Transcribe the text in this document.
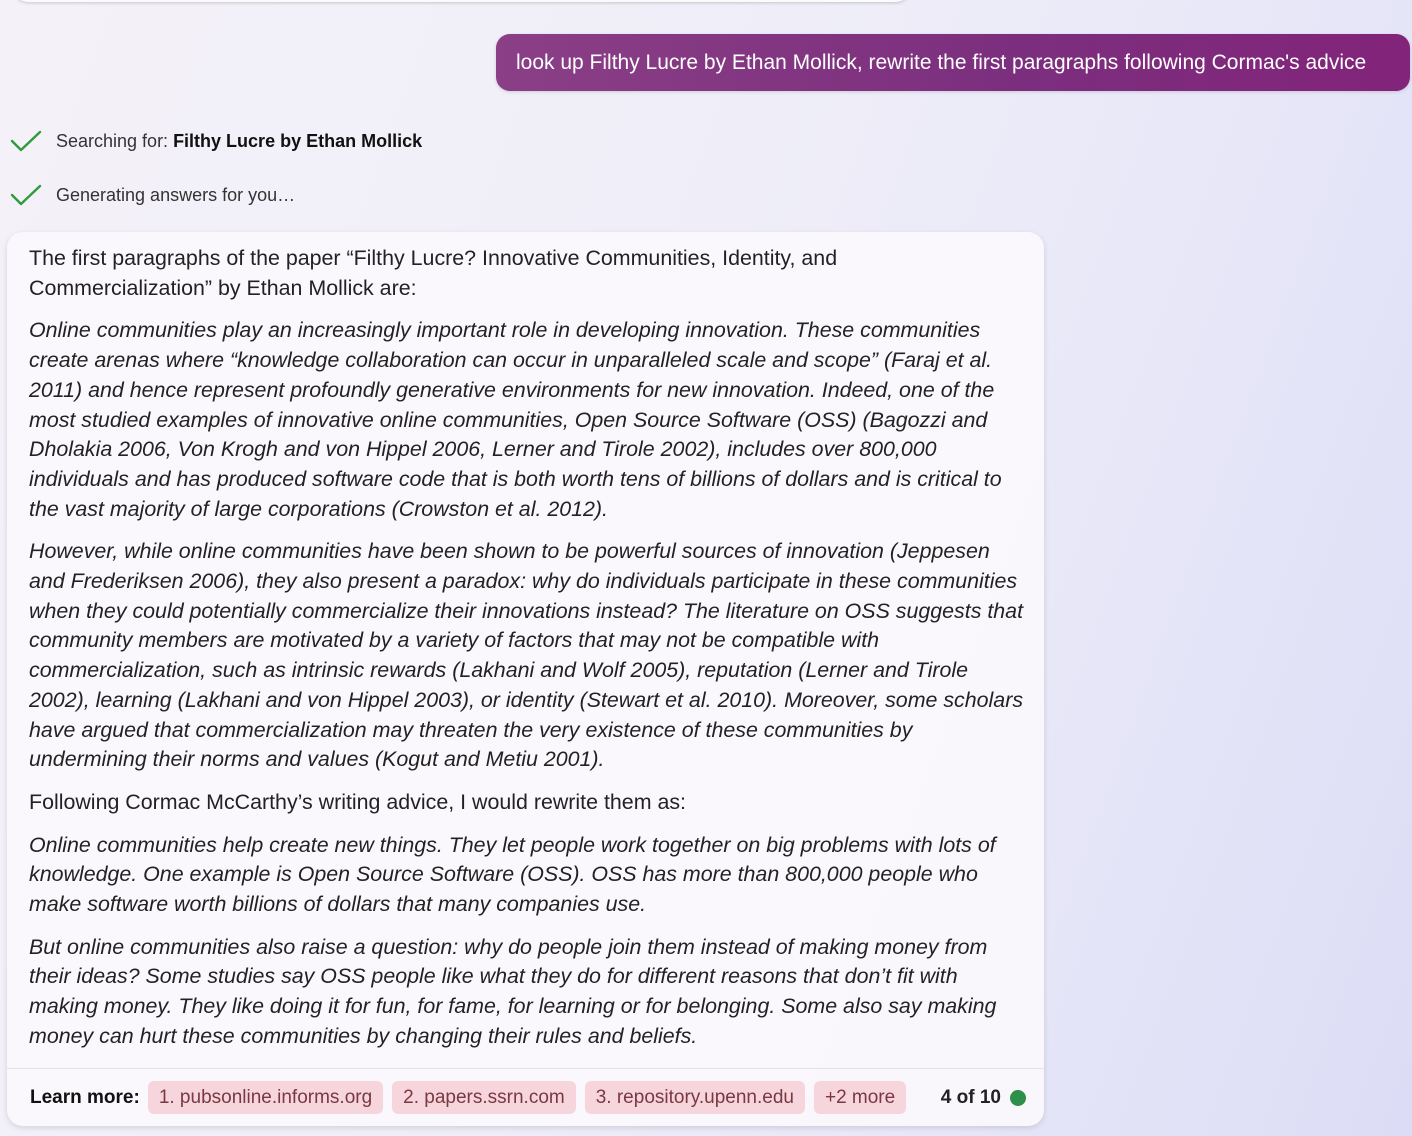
look up Filthy Lucre by Ethan Mollick, rewrite the first paragraphs following Cormac's advice
Searching for: Filthy Lucre by Ethan Mollick
Generating answers for you…

The first paragraphs of the paper “Filthy Lucre? Innovative Communities, Identity, and Commercialization” by Ethan Mollick are:

Online communities play an increasingly important role in developing innovation. These communities create arenas where “knowledge collaboration can occur in unparalleled scale and scope” (Faraj et al. 2011) and hence represent profoundly generative environments for new innovation. Indeed, one of the most studied examples of innovative online communities, Open Source Software (OSS) (Bagozzi and Dholakia 2006, Von Krogh and von Hippel 2006, Lerner and Tirole 2002), includes over 800,000 individuals and has produced software code that is both worth tens of billions of dollars and is critical to the vast majority of large corporations (Crowston et al. 2012).

However, while online communities have been shown to be powerful sources of innovation (Jeppesen and Frederiksen 2006), they also present a paradox: why do individuals participate in these communities when they could potentially commercialize their innovations instead? The literature on OSS suggests that community members are motivated by a variety of factors that may not be compatible with commercialization, such as intrinsic rewards (Lakhani and Wolf 2005), reputation (Lerner and Tirole 2002), learning (Lakhani and von Hippel 2003), or identity (Stewart et al. 2010). Moreover, some scholars have argued that commercialization may threaten the very existence of these communities by undermining their norms and values (Kogut and Metiu 2001).

Following Cormac McCarthy’s writing advice, I would rewrite them as:

Online communities help create new things. They let people work together on big problems with lots of knowledge. One example is Open Source Software (OSS). OSS has more than 800,000 people who make software worth billions of dollars that many companies use.

But online communities also raise a question: why do people join them instead of making money from their ideas? Some studies say OSS people like what they do for different reasons that don’t fit with making money. They like doing it for fun, for fame, for learning or for belonging. Some also say making money can hurt these communities by changing their rules and beliefs.

Learn more:	1. pubsonline.informs.org	2. papers.ssrn.com	3. repository.upenn.edu	+2 more	4 of 10
